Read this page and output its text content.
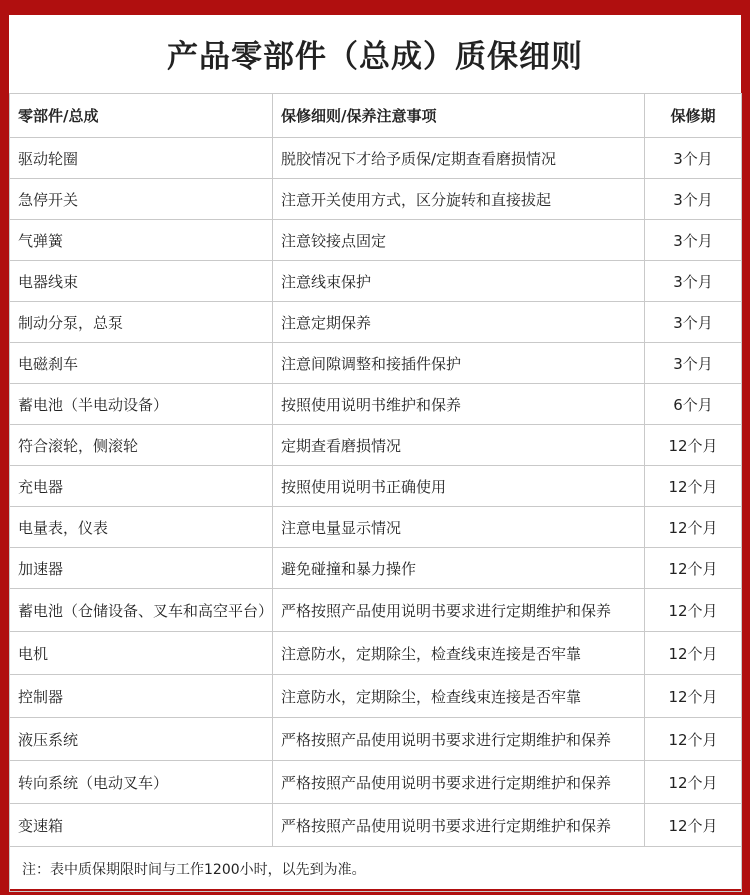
产品零部件（总成）质保细则
零部件/总成	保修细则/保养注意事项	保修期
驱动轮圈	脱胶情况下才给予质保/定期查看磨损情况	3个月
急停开关	注意开关使用方式，区分旋转和直接拔起	3个月
气弹簧	注意铰接点固定	3个月
电器线束	注意线束保护	3个月
制动分泵，总泵	注意定期保养	3个月
电磁刹车	注意间隙调整和接插件保护	3个月
蓄电池（半电动设备）	按照使用说明书维护和保养	6个月
符合滚轮，侧滚轮	定期查看磨损情况	12个月
充电器	按照使用说明书正确使用	12个月
电量表，仪表	注意电量显示情况	12个月
加速器	避免碰撞和暴力操作	12个月
蓄电池（仓储设备、叉车和高空平台）	严格按照产品使用说明书要求进行定期维护和保养	12个月
电机	注意防水，定期除尘，检查线束连接是否牢靠	12个月
控制器	注意防水，定期除尘，检查线束连接是否牢靠	12个月
液压系统	严格按照产品使用说明书要求进行定期维护和保养	12个月
转向系统（电动叉车）	严格按照产品使用说明书要求进行定期维护和保养	12个月
变速箱	严格按照产品使用说明书要求进行定期维护和保养	12个月
注：表中质保期限时间与工作1200小时，以先到为准。		
